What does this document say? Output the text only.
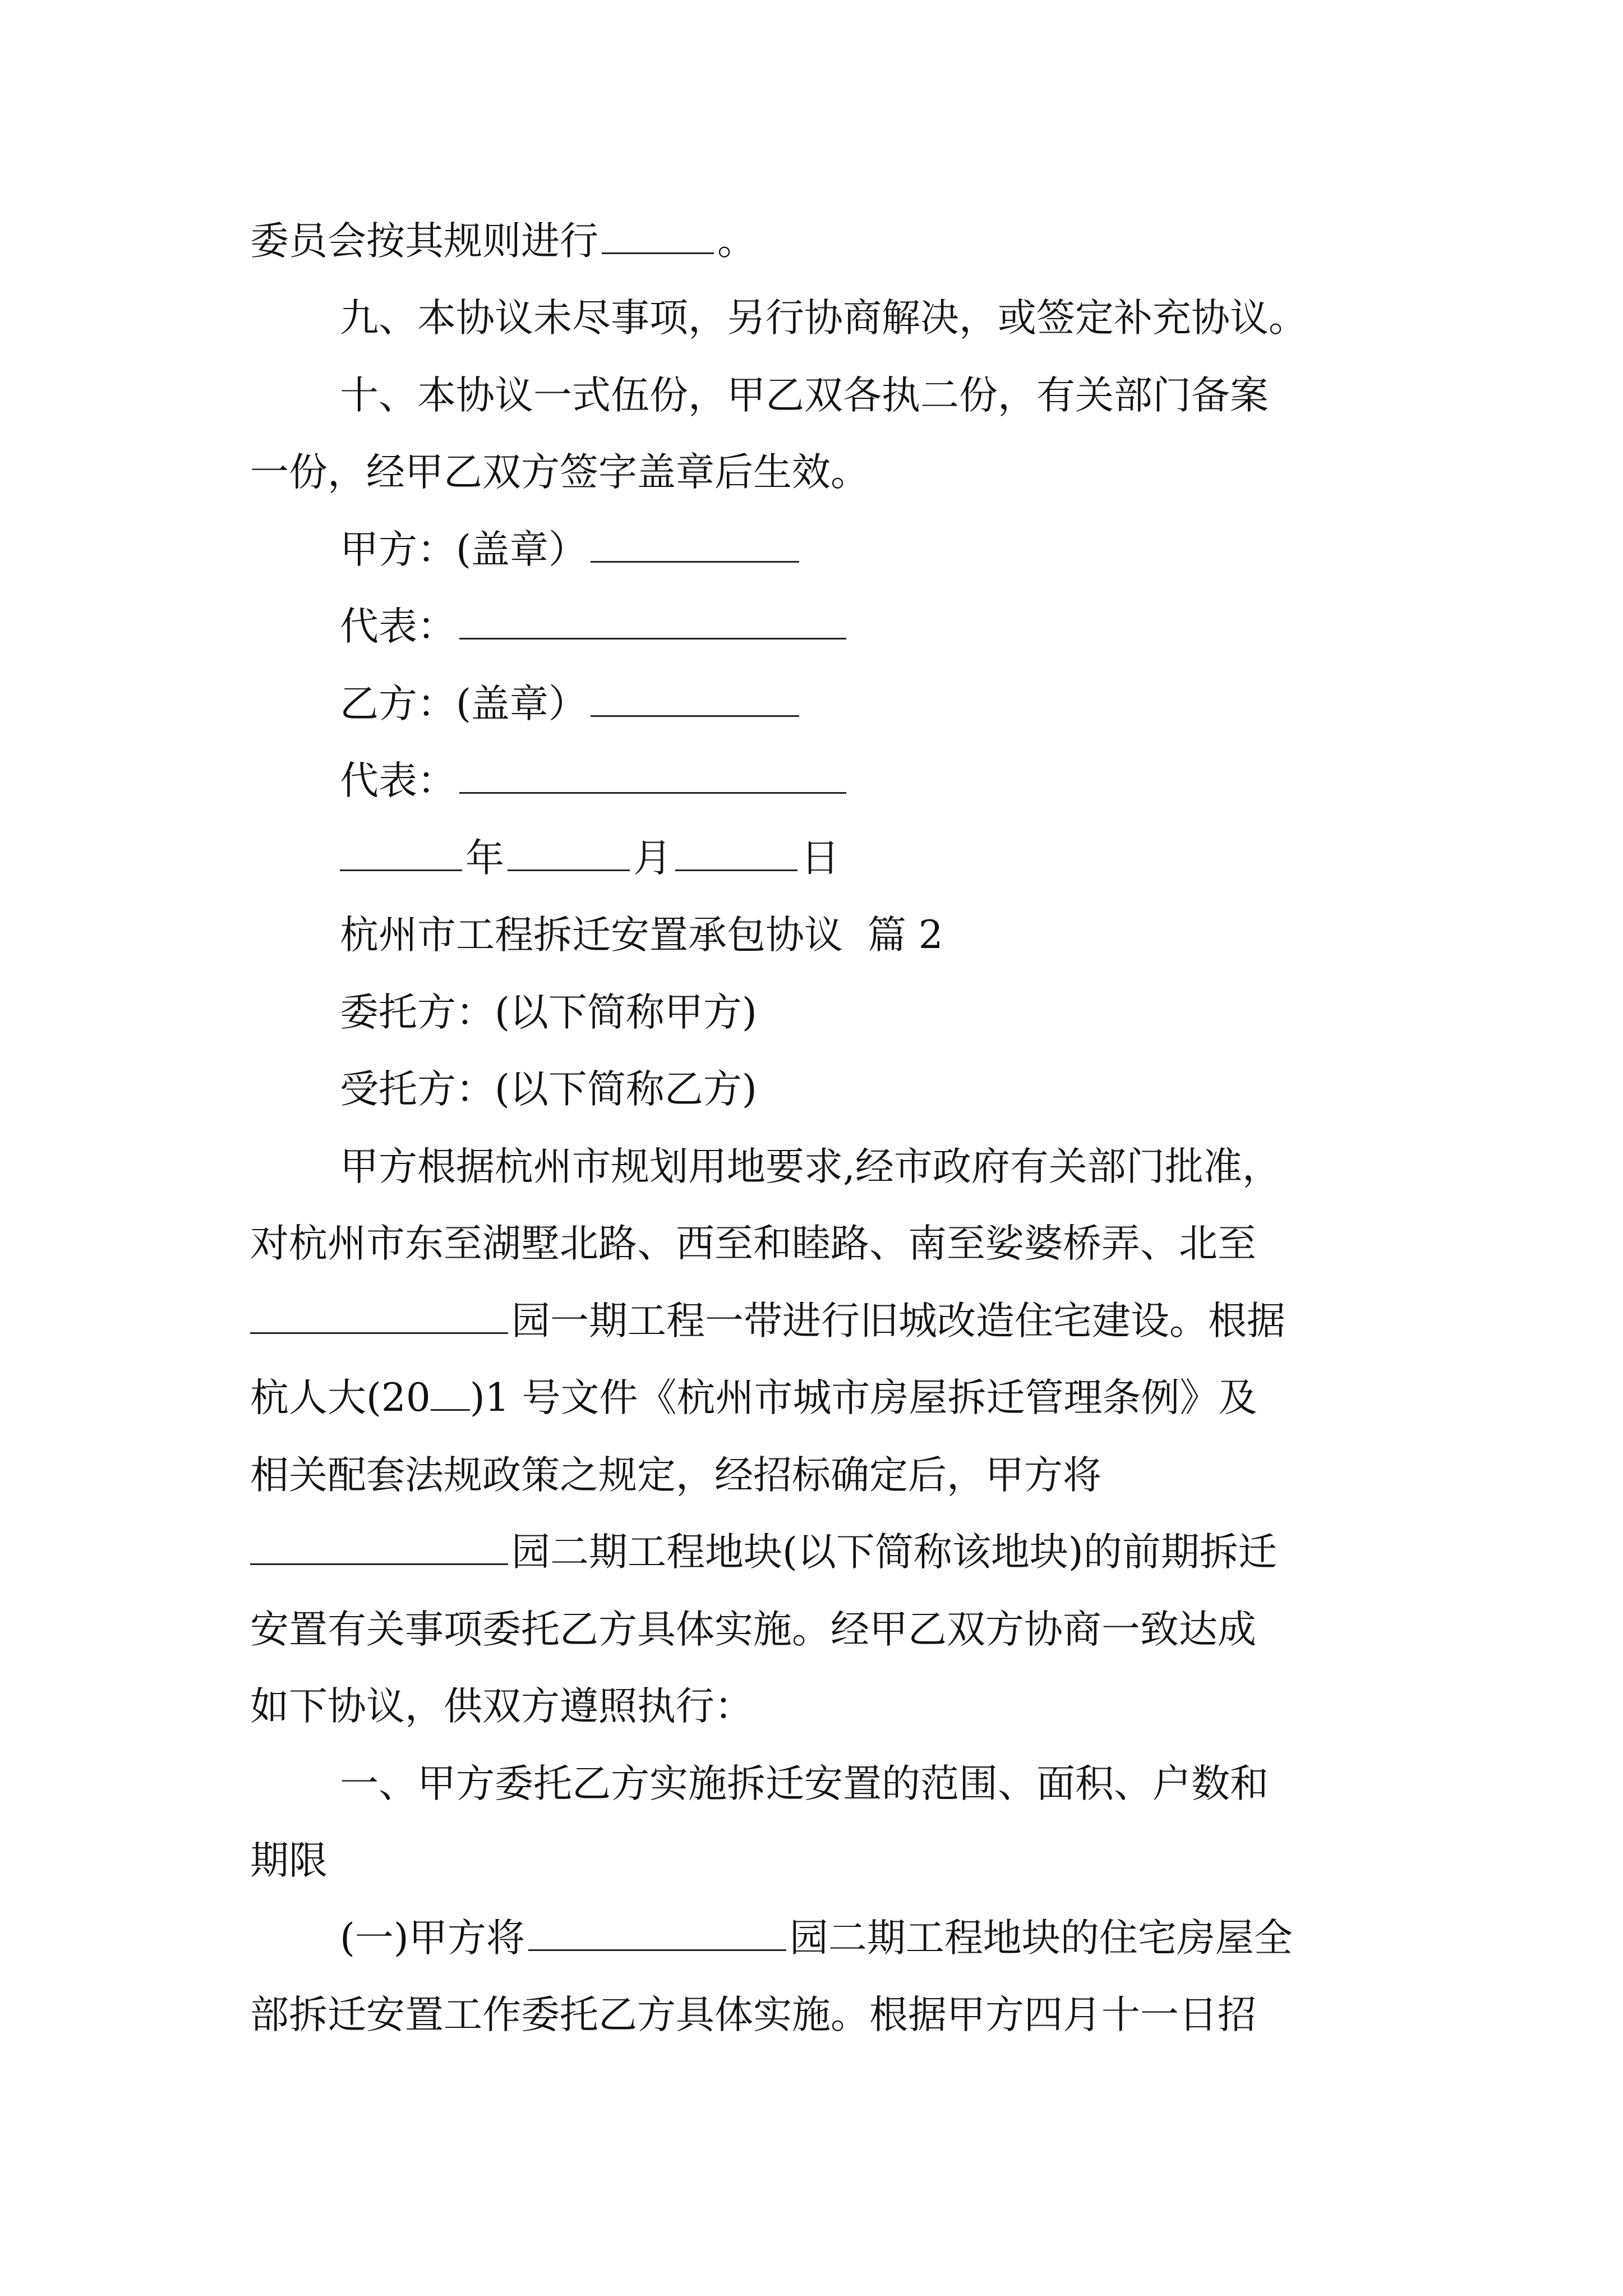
委员会按其规则进行	。
九、本协议未尽事项，另行协商解决，或签定补充协议。
十、本协议一式伍份，甲乙双各执二份，有关部门备案
一份，经甲乙双方签字盖章后生效。
甲方：(盖章）
代表：
乙方：(盖章）
代表：
年	月	日
杭州市工程拆迁安置承包协议  篇 2
委托方：(以下简称甲方)
受托方：(以下简称乙方)
甲方根据杭州市规划用地要求,经市政府有关部门批准，
对杭州市东至湖墅北路、西至和睦路、南至娑婆桥弄、北至
园一期工程一带进行旧城改造住宅建设。根据
杭人大(20 )1 号文件《杭州市城市房屋拆迁管理条例》及
相关配套法规政策之规定，经招标确定后，甲方将
园二期工程地块(以下简称该地块)的前期拆迁
安置有关事项委托乙方具体实施。经甲乙双方协商一致达成
如下协议，供双方遵照执行：
一、甲方委托乙方实施拆迁安置的范围、面积、户数和
期限
(一)甲方将	园二期工程地块的住宅房屋全
部拆迁安置工作委托乙方具体实施。根据甲方四月十一日招
